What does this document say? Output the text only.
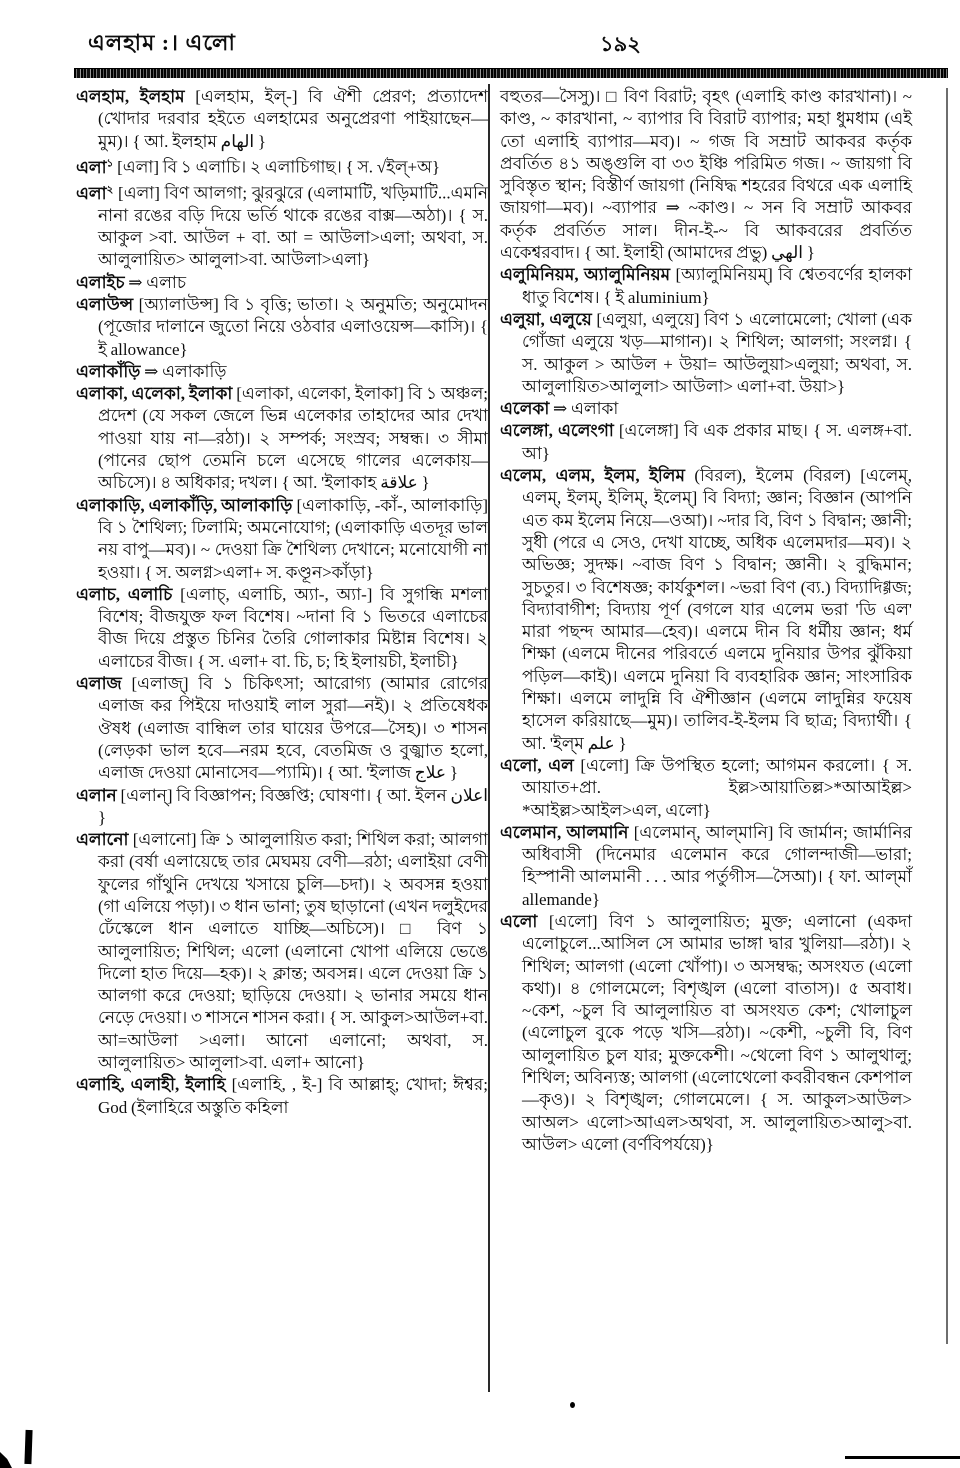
এলহাম :। এলো	১৯২
এলহাম, ইলহাম [এলহাম, ইল্‌-] বি ঐশী প্রেরণ; প্রত্যাদেশ (খোদার দরবার হইতে এলহামের অনুপ্রেরণা পাইয়াছেন—মুম)। { আ. ইলহাম الهام }
এলা$^১$ [এলা] বি ১ এলাচি। ২ এলাচিগাছ। { স. √ইল্‌+অ}
এলা$^২$ [এলা] বিণ আলগা; ঝুরঝুরে (এলামাটি, খড়িমাটি...এমনি নানা রঙের বড়ি দিয়ে ভর্তি থাকে রঙের বাক্স—অঠা)। { স. আকুল >বা. আউল + বা. আ = আউলা>এলা; অথবা, স. আলুলায়িত> আলুলা>বা. আউলা>এলা}
এলাইচ ⇒ এলাচ
এলাউন্স [অ্যালাউন্স] বি ১ বৃত্তি; ভাতা। ২ অনুমতি; অনুমোদন (পূজোর দালানে জুতো নিয়ে ওঠবার এলাওয়েন্স—কাসি)। { ই allowance}
এলাকাঁড়ি ⇒ এলাকাড়ি
এলাকা, এলেকা, ইলাকা [এলাকা, এলেকা, ইলাকা] বি ১ অঞ্চল; প্রদেশ (যে সকল জেলে ভিন্ন এলেকার তাহাদের আর দেখা পাওয়া যায় না—রঠা)। ২ সম্পর্ক; সংস্রব; সম্বন্ধ। ৩ সীমা (পানের ছোপ তেমনি চলে এসেছে গালের এলেকায়—অচিসে)। ৪ অধিকার; দখল। { আ. 'ইলাকাহ علاقة }
এলাকাড়ি, এলাকাঁড়ি, আলাকাড়ি [এলাকাড়ি, -কাঁ-, আলাকাড়ি] বি ১ শৈথিল্য; ঢিলামি; অমনোযোগ; (এলাকাড়ি এতদূর ভাল নয় বাপু—মব)। ~ দেওয়া ক্রি শৈথিল্য দেখানে; মনোযোগী না হওয়া। { স. অলগ্ন>এলা+ স. কণ্ডূন>কাঁড়া}
এলাচ, এলাচি [এলাচ্‌, এলাচি, অ্যা-, অ্যা-] বি সুগন্ধি মশলা বিশেষ; বীজযুক্ত ফল বিশেষ। ~দানা বি ১ ভিতরে এলাচের বীজ দিয়ে প্রস্তুত চিনির তৈরি গোলাকার মিষ্টান্ন বিশেষ। ২ এলাচের বীজ। { স. এলা+ বা. চি, চ; হি ইলায়চী, ইলাচী}
এলাজ [এলাজ্‌] বি ১ চিকিৎসা; আরোগ্য (আমার রোগের এলাজ কর পিইয়ে দাওয়াই লাল সুরা—নই)। ২ প্রতিষেধক ঔষধ (এলাজ বান্ধিল তার ঘায়ের উপরে—সৈহ)। ৩ শাসন (লেড়কা ভাল হবে—নরম হবে, বেতমিজ ও বুজ্ঝাত হলো, এলাজ দেওয়া মোনাসেব—প্যামি)। { আ. 'ইলাজ علاج }
এলান [এলান্‌] বি বিজ্ঞাপন; বিজ্ঞপ্তি; ঘোষণা। { আ. ইলন اعلان }
এলানো [এলানো] ক্রি ১ আলুলায়িত করা; শিথিল করা; আলগা করা (বর্ষা এলায়েছে তার মেঘময় বেণী—রঠা; এলাইয়া বেণী ফুলের গাঁথুনি দেখয়ে খসায়ে চুলি—চদা)। ২ অবসন্ন হওয়া (গা এলিয়ে পড়া)। ৩ ধান ভানা; তুষ ছাড়ানো (এখন দলুইদের ঢেঁস্কেলে ধান এলাতে যাচ্ছি—অচিসে)। □ বিণ ১ আলুলায়িত; শিথিল; এলো (এলানো খোপা এলিয়ে ভেঙে দিলো হাত দিয়ে—হক)। ২ ক্লান্ত; অবসন্ন। এলে দেওয়া ক্রি ১ আলগা করে দেওয়া; ছাড়িয়ে দেওয়া। ২ ভানার সময়ে ধান নেড়ে দেওয়া। ৩ শাসনে শাসন করা। { স. আকুল>আউল+বা. আ=আউলা >এলা। আনো এলানো; অথবা, স. আলুলায়িত> আলুলা>বা. এলা+ আনো}
এলাহি, এলাহী, ইলাহি [এলাহি, , ই-] বি আল্লাহ্‌; খোদা; ঈশ্বর; God (ইলাহিরে অস্তুতি কহিলা
বহুতর—সৈসু)। □ বিণ বিরাট; বৃহৎ (এলাহি কাণ্ড কারখানা)। ~ কাণ্ড, ~ কারখানা, ~ ব্যাপার বি বিরাট ব্যাপার; মহা ধুমধাম (এই তো এলাহি ব্যাপার—মব)। ~ গজ বি সম্রাট আকবর কর্তৃক প্রবর্তিত ৪১ অঙ্গুলি বা ৩৩ ইঞ্চি পরিমিত গজ। ~ জায়গা বি সুবিস্তৃত স্থান; বিস্তীর্ণ জায়গা (নিষিদ্ধ শহরের বিথরে এক এলাহি জায়গা—মব)। ~ব্যাপার ⇒ ~কাণ্ড। ~ সন বি সম্রাট আকবর কর্তৃক প্রবর্তিত সাল। দীন-ই-~ বি আকবরের প্রবর্তিত একেশ্বরবাদ। { আ. ইলাহী (আমাদের প্রভু) الهي }
এলুমিনিয়ম, অ্যালুমিনিয়ম [অ্যালুমিনিয়ম্‌] বি শ্বেতবর্ণের হালকা ধাতু বিশেষ। { ই aluminium}
এলুয়া, এলুয়ে [এলুয়া, এলুয়ে] বিণ ১ এলোমেলো; খোলা (এক গোঁজা এলুয়ে খড়—মাগান)। ২ শিথিল; আলগা; সংলগ্ন। { স. আকুল > আউল + উয়া= আউলুয়া>এলুয়া; অথবা, স. আলুলায়িত>আলুলা> আউলা> এলা+বা. উয়া>}
এলেকা ⇒ এলাকা
এলেঙ্গা, এলেংগা [এলেঙ্গা] বি এক প্রকার মাছ। { স. এলঙ্গ+বা. আ}
এলেম, এলম, ইলম, ইলিম (বিরল), ইলেম (বিরল) [এলেম্‌, এলম্‌, ইলম্‌, ইলিম্‌, ইলেম্‌] বি বিদ্যা; জ্ঞান; বিজ্ঞান (আপনি এত কম ইলেম নিয়ে—ওআ)। ~দার বি, বিণ ১ বিদ্বান; জ্ঞানী; সুধী (পরে এ সেও, দেখা যাচ্ছে, অধিক এলেমদার—মব)। ২ অভিজ্ঞ; সুদক্ষ। ~বাজ বিণ ১ বিদ্বান; জ্ঞানী। ২ বুদ্ধিমান; সুচতুর। ৩ বিশেষজ্ঞ; কার্যকুশল। ~ভরা বিণ (ব্য.) বিদ্যাদিগ্গজ; বিদ্যাবাগীশ; বিদ্যায় পূর্ণ (বগলে যার এলেম ভরা 'ডি এল' মারা পছন্দ আমার—হেব)। এলমে দীন বি ধর্মীয় জ্ঞান; ধর্ম শিক্ষা (এলমে দীনের পরিবর্তে এলমে দুনিয়ার উপর ঝুঁকিয়া পড়িল—কাই)। এলমে দুনিয়া বি ব্যবহারিক জ্ঞান; সাংসারিক শিক্ষা। এলমে লাদুন্নি বি ঐশীজ্ঞান (এলমে লাদুন্নির ফয়েষ হাসেল করিয়াছে—মুম)। তালিব-ই-ইলম বি ছাত্র; বিদ্যার্থী। { আ. 'ইল্‌ম علم }
এলো, এল [এলো] ক্রি উপস্থিত হলো; আগমন করলো। { স. আয়াত+প্রা. ইল্ল>আয়াতিল্ল>*আআইল্ল> *আইল্ল>আইল>এল, এলো}
এলেমান, আলমানি [এলেমান্‌, আল্‌মানি] বি জার্মান; জার্মানির অধিবাসী (দিনেমার এলেমান করে গোলন্দাজী—ভারা; হিস্পানী আলমানী . . . আর পর্তুগীস—সৈআ)। { ফা. আল্‌মাঁ allemande}
এলো [এলো] বিণ ১ আলুলায়িত; মুক্ত; এলানো (একদা এলোচুলে...আসিল সে আমার ভাঙ্গা দ্বার খুলিয়া—রঠা)। ২ শিথিল; আলগা (এলো খোঁপা)। ৩ অসম্বদ্ধ; অসংযত (এলো কথা)। ৪ গোলমেলে; বিশৃঙ্খল (এলো বাতাস)। ৫ অবাধ। ~কেশ, ~চুল বি আলুলায়িত বা অসংযত কেশ; খোলাচুল (এলোচুল বুকে পড়ে খসি—রঠা)। ~কেশী, ~চুলী বি, বিণ আলুলায়িত চুল যার; মুক্তকেশী। ~থেলো বিণ ১ আলুথালু; শিথিল; অবিন্যস্ত; আলগা (এলোথেলো কবরীবন্ধন কেশপাল—কৃও)। ২ বিশৃঙ্খল; গোলমেলে। { স. আকুল>আউল> আঅল> এলো>আএল>অথবা, স. আলুলায়িত>আলু>বা. আউল> এলো (বর্ণবিপর্যয়ে)}
